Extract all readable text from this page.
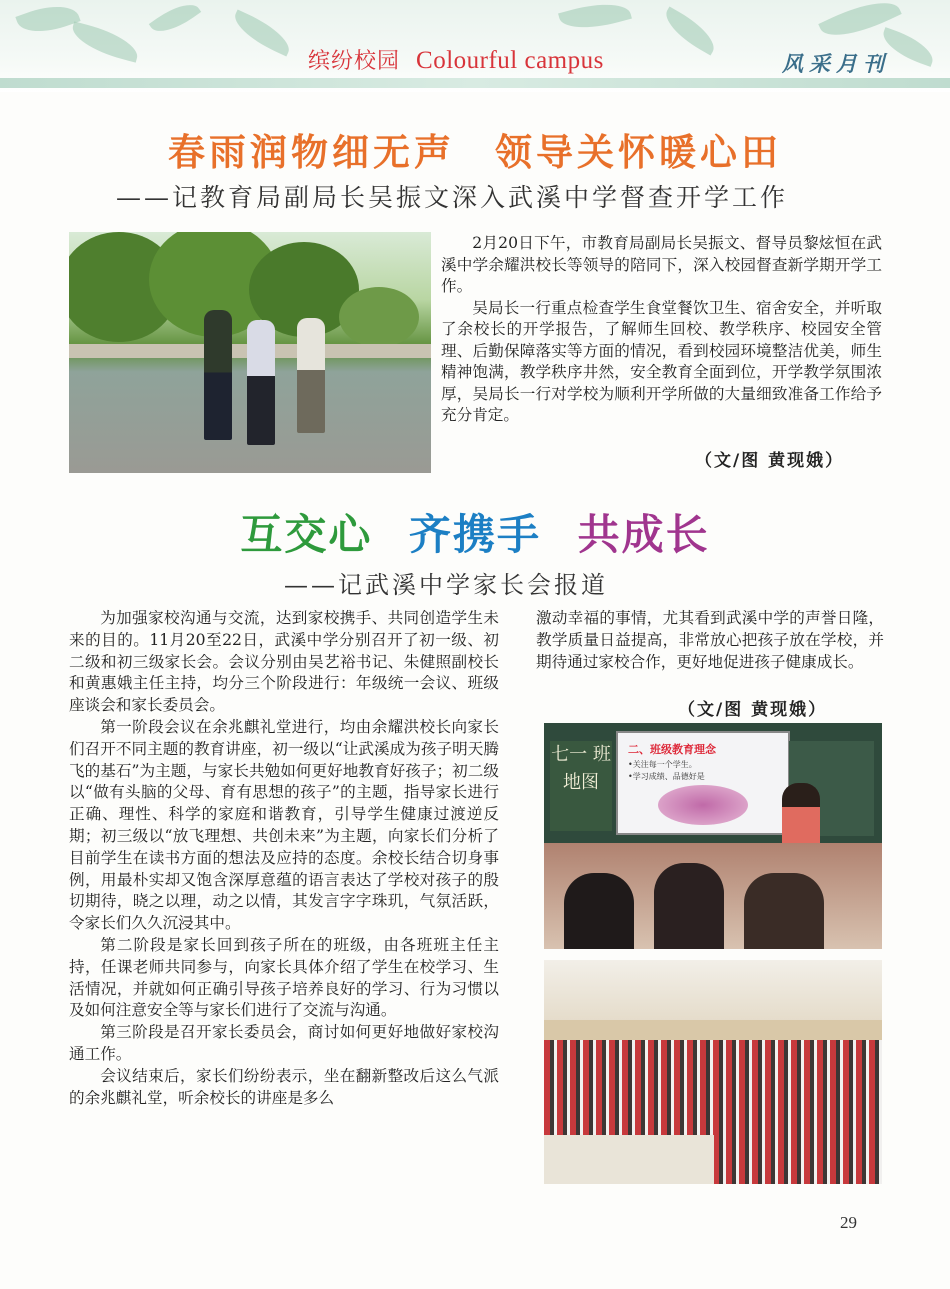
缤纷校园 Colourful campus	风采月刊
春雨润物细无声 领导关怀暖心田
——记教育局副局长吴振文深入武溪中学督查开学工作

2月20日下午，市教育局副局长吴振文、督导员黎炫恒在武溪中学余耀洪校长等领导的陪同下，深入校园督查新学期开学工作。

吴局长一行重点检查学生食堂餐饮卫生、宿舍安全，并听取了余校长的开学报告，了解师生回校、教学秩序、校园安全管理、后勤保障落实等方面的情况，看到校园环境整洁优美，师生精神饱满，教学秩序井然，安全教育全面到位，开学教学氛围浓厚，吴局长一行对学校为顺利开学所做的大量细致准备工作给予充分肯定。

（文/图 黄现娥）
互交心 齐携手 共成长
——记武溪中学家长会报道

为加强家校沟通与交流，达到家校携手、共同创造学生未来的目的。11月20至22日，武溪中学分别召开了初一级、初二级和初三级家长会。会议分别由吴艺裕书记、朱健照副校长和黄惠娥主任主持，均分三个阶段进行：年级统一会议、班级座谈会和家长委员会。

第一阶段会议在余兆麒礼堂进行，均由余耀洪校长向家长们召开不同主题的教育讲座，初一级以“让武溪成为孩子明天腾飞的基石”为主题，与家长共勉如何更好地教育好孩子；初二级以“做有头脑的父母、育有思想的孩子”的主题，指导家长进行正确、理性、科学的家庭和谐教育，引导学生健康过渡逆反期；初三级以“放飞理想、共创未来”为主题，向家长们分析了目前学生在读书方面的想法及应持的态度。余校长结合切身事例，用最朴实却又饱含深厚意蕴的语言表达了学校对孩子的殷切期待，晓之以理，动之以情，其发言字字珠玑，气氛活跃，令家长们久久沉浸其中。

第二阶段是家长回到孩子所在的班级，由各班班主任主持，任课老师共同参与，向家长具体介绍了学生在校学习、生活情况，并就如何正确引导孩子培养良好的学习、行为习惯以及如何注意安全等与家长们进行了交流与沟通。

第三阶段是召开家长委员会，商讨如何更好地做好家校沟通工作。

会议结束后，家长们纷纷表示，坐在翻新整改后这么气派的余兆麒礼堂，听余校长的讲座是多么

激动幸福的事情，尤其看到武溪中学的声誉日隆，教学质量日益提高，非常放心把孩子放在学校，并期待通过家校合作，更好地促进孩子健康成长。

（文/图 黄现娥）
七一 班地图
二、班级教育理念
•关注每一个学生。
•学习成绩、品德好是
29
